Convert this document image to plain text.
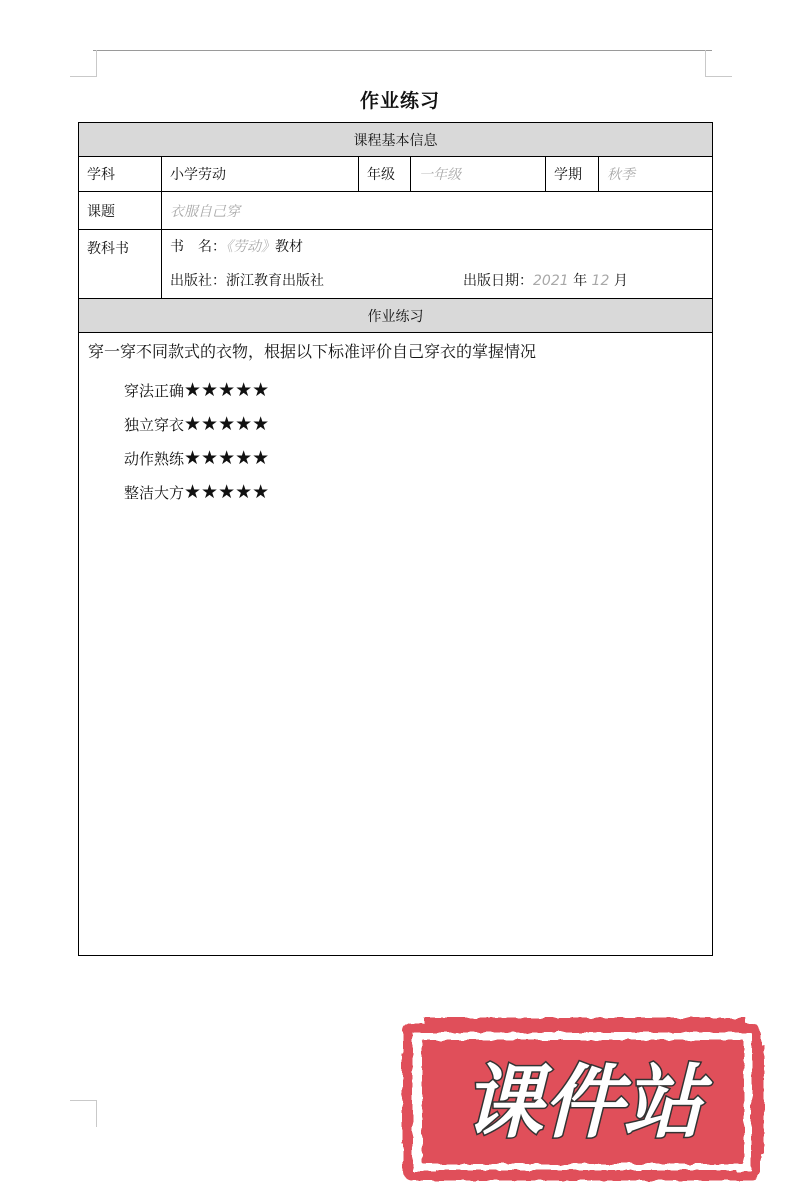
作业练习
课程基本信息					
学科	小学劳动	年级	一年级	学期	秋季
课题	衣服自己穿				
教科书	书　名：《劳动》教材
出版社：浙江教育出版社 出版日期：2021 年 12 月				

作业练习					

穿一穿不同款式的衣物，根据以下标准评价自己穿衣的掌握情况
穿法正确★★★★★
独立穿衣★★★★★
动作熟练★★★★★
整洁大方★★★★★					
课件站
